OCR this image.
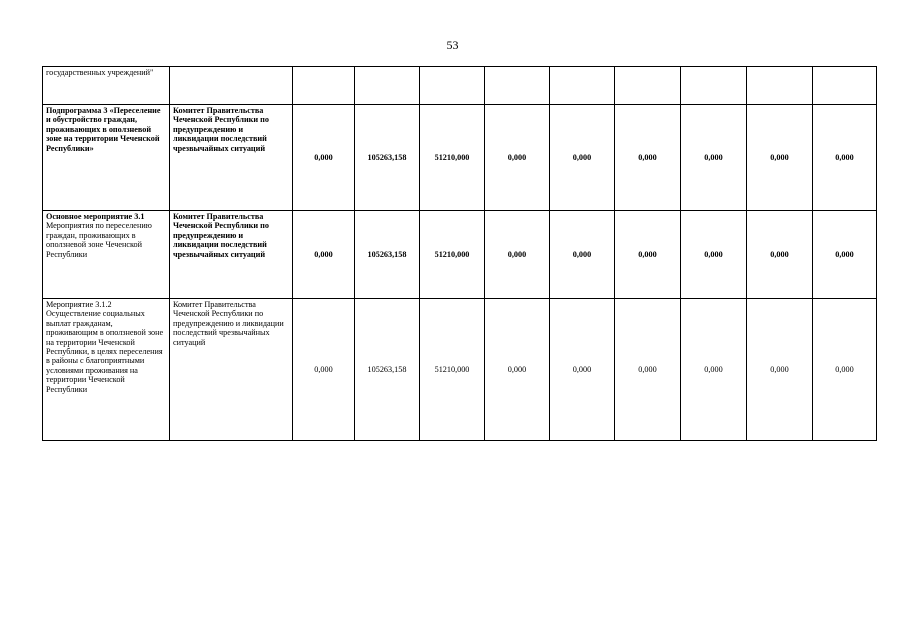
53
государственных учреждений"										
Подпрограмма 3 «Переселение и обустройство граждан, проживающих в оползневой зоне на территории Чеченской Республики»	Комитет Правительства Чеченской Республики по предупреждению и ликвидации последствий чрезвычайных ситуаций	0,000	105263,158	51210,000	0,000	0,000	0,000	0,000	0,000	0,000
Основное мероприятие 3.1
Мероприятия по переселению граждан, проживающих в оползневой зоне Чеченской Республики	Комитет Правительства Чеченской Республики по предупреждению и ликвидации последствий чрезвычайных ситуаций	0,000	105263,158	51210,000	0,000	0,000	0,000	0,000	0,000	0,000
Мероприятие 3.1.2 Осуществление социальных выплат гражданам, проживающим в оползневой зоне на территории Чеченской Республики, в целях переселения в районы с благоприятными условиями проживания на территории Чеченской Республики	Комитет Правительства Чеченской Республики по предупреждению и ликвидации последствий чрезвычайных ситуаций	0,000	105263,158	51210,000	0,000	0,000	0,000	0,000	0,000	0,000
